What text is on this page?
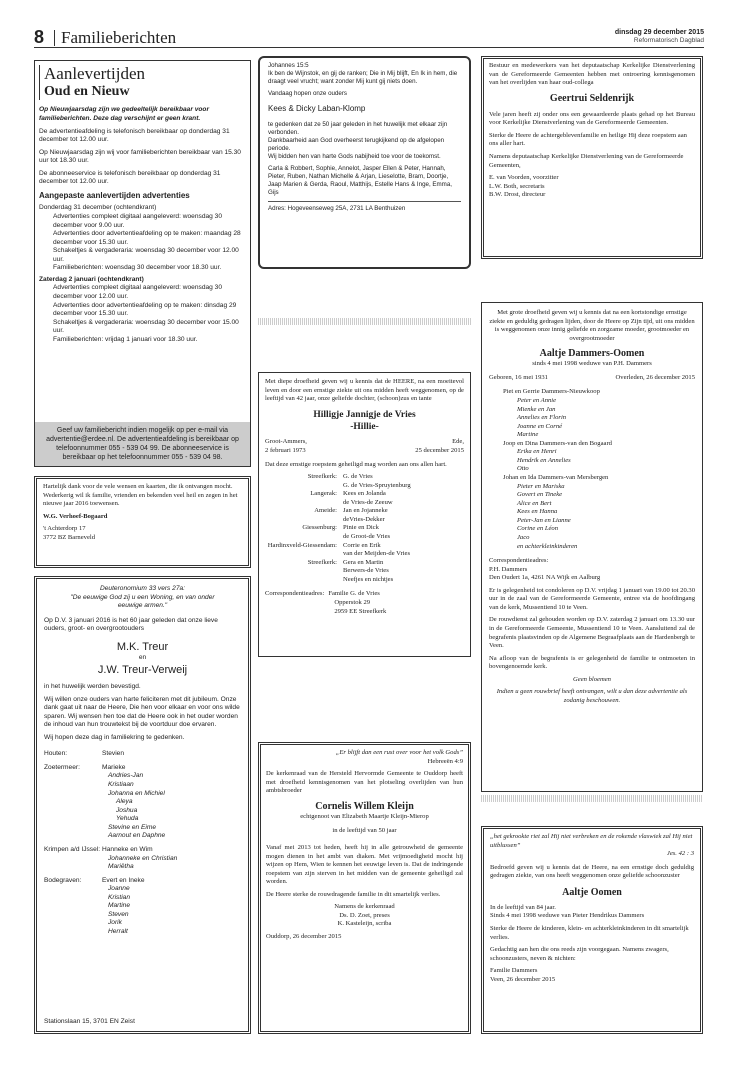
8 Familieberichten	dinsdag 29 december 2015
Reformatorisch Dagblad
Aanlevertijden
Oud en Nieuw

Op Nieuwjaarsdag zijn we gedeeltelijk bereikbaar voor familieberichten. Deze dag verschijnt er geen krant.

De advertentieafdeling is telefonisch bereikbaar op donderdag 31 december tot 12.00 uur.

Op Nieuwjaarsdag zijn wij voor familieberichten bereikbaar van 15.30 uur tot 18.30 uur.

De abonneeservice is telefonisch bereikbaar op donderdag 31 december tot 12.00 uur.

Aangepaste aanlevertijden advertenties
Donderdag 31 december (ochtendkrant)
Advertenties compleet digitaal aangeleverd: woensdag 30 december voor 9.00 uur.
Advertenties door advertentieafdeling op te maken: maandag 28 december voor 15.30 uur.
Schakeltjes & vergaderaria: woensdag 30 december voor 12.00 uur.
Familieberichten: woensdag 30 december voor 18.30 uur.
Zaterdag 2 januari (ochtendkrant)
Advertenties compleet digitaal aangeleverd: woensdag 30 december voor 12.00 uur.
Advertenties door advertentieafdeling op te maken: dinsdag 29 december voor 15.30 uur.
Schakeltjes & vergaderaria: woensdag 30 december voor 15.00 uur.
Familieberichten: vrijdag 1 januari voor 18.30 uur.
Geef uw familiebericht indien mogelijk op per e-mail via advertentie@erdee.nl. De advertentieafdeling is bereikbaar op telefoonnummer 055 - 539 04 99. De abonneeservice is bereikbaar op het telefoonnummer 055 - 539 04 98.

Hartelijk dank voor de vele wensen en kaarten, die ik ontvangen mocht. Wederkerig wil ik familie, vrienden en bekenden veel heil en zegen in het nieuwe jaar 2016 toewensen.

W.G. Verhoef-Bogaard

't Achterdorp 17
3772 BZ Barneveld
Deuteronomium 33 vers 27a:
"De eeuwige God zij u een Woning, en van onder eeuwige armen."

Op D.V. 3 januari 2016 is het 60 jaar geleden dat onze lieve ouders, groot- en overgrootouders

M.K. Treur
en
J.W. Treur-Verweij

in het huwelijk werden bevestigd.

Wij willen onze ouders van harte feliciteren met dit jubileum. Onze dank gaat uit naar de Heere, Die hen voor elkaar en voor ons wilde sparen. Wij wensen hen toe dat de Heere ook in het ouder worden de inhoud van hun trouwtekst bij de voortduur doe ervaren.

Wij hopen deze dag in familiekring te gedenken.

Houten:	Stevien
Zoetermeer:	Marieke
Andries-Jan
Kristiaan
Johanna en Michiel
Aleya
Joshua
Yehuda
Stevine en Eime
Aarnout en Daphne
Krimpen a/d IJssel: Hanneke en Wim
Johanneke en Christian
Mariëtha
Bodegraven:	Evert en Ineke
Joanne
Kristian
Martine
Steven
Jorik
Herralt
Stationslaan 15, 3701 EN Zeist
Johannes 15:5

Ik ben de Wijnstok, en gij de ranken; Die in Mij blijft, En Ik in hem, die draagt veel vrucht; want zonder Mij kunt gij niets doen.

Vandaag hopen onze ouders

Kees & Dicky Laban-Klomp

te gedenken dat ze 50 jaar geleden in het huwelijk met elkaar zijn verbonden.

Dankbaarheid aan God overheerst terugkijkend op de afgelopen periode.

Wij bidden hen van harte Gods nabijheid toe voor de toekomst.

Carla & Robbert, Sophie, Annelot, Jasper Ellen & Peter, Hannah, Pieter, Ruben, Nathan Michelle & Arjan, Lieselotte, Bram, Doortje, Jaap Marien & Gerda, Raoul, Matthijs, Estelle Hans & Inge, Emma, Gijs

Adres: Hogeveenseweg 25A, 2731 LA Benthuizen

Met diepe droefheid geven wij u kennis dat de HEERE, na een moeitevol leven en door een ernstige ziekte uit ons midden heeft weggenomen, op de leeftijd van 42 jaar, onze geliefde dochter, (schoon)zus en tante

Hilligje Jannigje de Vries
-Hillie-
Groot-Ammers,	Ede,
2 februari 1973	25 december 2015

Dat deze ernstige roepstem geheiligd mag worden aan ons allen hart.

Streefkerk: G. de Vries
G. de Vries-Spruytenburg
Langerak: Kees en Jolanda
de Vries-de Zeeuw
Ameide: Jan en Jojanneke
deVries-Dekker
Giessenburg: Pinie en Dick
de Groot-de Vries
Hardinxveld-Giessendam: Corrie en Erik
van der Meijden-de Vries
Streefkerk: Gera en Martin
Berwers-de Vries
Neefjes en nichtjes
Correspondentieadres: Familie G. de Vries
Opperstok 29
2959 EE Streefkerk
„Er blijft dan een rust over voor het volk Gods”
Hebreeën 4:9

De kerkenraad van de Hersteld Hervormde Gemeente te Ouddorp heeft met droefheid kennisgenomen van het plotseling overlijden van hun ambtsbroeder

Cornelis Willem Kleijn
echtgenoot van Elizabeth Maartje Kleijn-Mierop
in de leeftijd van 50 jaar

Vanaf mei 2013 tot heden, heeft hij in alle getrouwheid de gemeente mogen dienen in het ambt van diaken. Met vrijmoedigheid mocht hij wijzen op Hem, Wien te kennen het eeuwige leven is. Dat de indringende roepstem van zijn sterven in het midden van de gemeente geheiligd zal worden.

De Heere sterke de rouwdragende familie in dit smartelijk verlies.

Namens de kerkenraad
Ds. D. Zoet, preses
K. Kasteleijn, scriba
Ouddorp, 26 december 2015

Bestuur en medewerkers van het deputaatschap Kerkelijke Dienstverlening van de Gereformeerde Gemeenten hebben met ontroering kennisgenomen van het overlijden van haar oud-collega

Geertrui Seldenrijk

Vele jaren heeft zij onder ons een gewaardeerde plaats gehad op het Bureau voor Kerkelijke Dienstverlening van de Gereformeerde Gemeenten.

Sterke de Heere de achtergeblevenfamilie en heilige Hij deze roepstem aan ons aller hart.

Namens deputaatschap Kerkelijke Dienstverlening van de Gereformeerde Gemeenten,

E. van Voorden, voorzitter
L.W. Both, secretaris
B.W. Drost, directeur

Met grote droefheid geven wij u kennis dat na een kortstondige ernstige ziekte en geduldig gedragen lijden, door de Heere op Zijn tijd, uit ons midden is weggenomen onze innig geliefde en zorgzame moeder, grootmoeder en overgrootmoeder

Aaltje Dammers-Oomen
sinds 4 mei 1998 weduwe van P.H. Dammers
Geboren, 16 mei 1931	Overleden, 26 december 2015
Piet en Gerrie Dammers-Nieuwkoop
Peter en Annie
Mienke en Jan
Annelies en Florin
Joanne en Corné
Martine
Joop en Dina Dammers-van den Bogaard
Erika en Henri
Hendrik en Annelies
Otto
Johan en Ida Dammers-van Mersbergen
Pieter en Mariska
Govert en Tineke
Alice en Bert
Kees en Hanna
Peter-Jan en Lianne
Corine en Léon
Jaco
en achterkleinkinderen
Correspondentieadres:
P.H. Dammers

Den Oudert 1a, 4261 NA Wijk en Aalburg

Er is gelegenheid tot condoleren op D.V. vrijdag 1 januari van 19.00 tot 20.30 uur in de zaal van de Gereformeerde Gemeente, entree via de hoofdingang van de kerk, Mussentiend 10 te Veen.

De rouwdienst zal gehouden worden op D.V. zaterdag 2 januari om 13.30 uur in de Gereformeerde Gemeente, Mussentiend 10 te Veen. Aansluitend zal de begrafenis plaatsvinden op de Algemene Begraafplaats aan de Hardenbergh te Veen.

Na afloop van de begrafenis is er gelegenheid de familie te ontmoeten in bovengenoemde kerk.

Geen bloemen

Indien u geen rouwbrief heeft ontvangen, wilt u dan deze advertentie als zodanig beschouwen.
„het gekrookte riet zal Hij niet verbreken en de rokende vlaswiek zal Hij niet uitblussen”
Jes. 42 : 3

Bedroefd geven wij u kennis dat de Heere, na een ernstige doch geduldig gedragen ziekte, van ons heeft weggenomen onze geliefde schoonzuster

Aaltje Oomen
In de leeftijd van 84 jaar.

Sinds 4 mei 1998 weduwe van Pieter Hendrikus Dammers

Sterke de Heere de kinderen, klein- en achterkleinkinderen in dit smartelijk verlies.

Gedachtig aan hen die ons reeds zijn voorgegaan. Namens zwagers, schoonzusters, neven & nichten:

Familie Dammers
Veen, 26 december 2015
